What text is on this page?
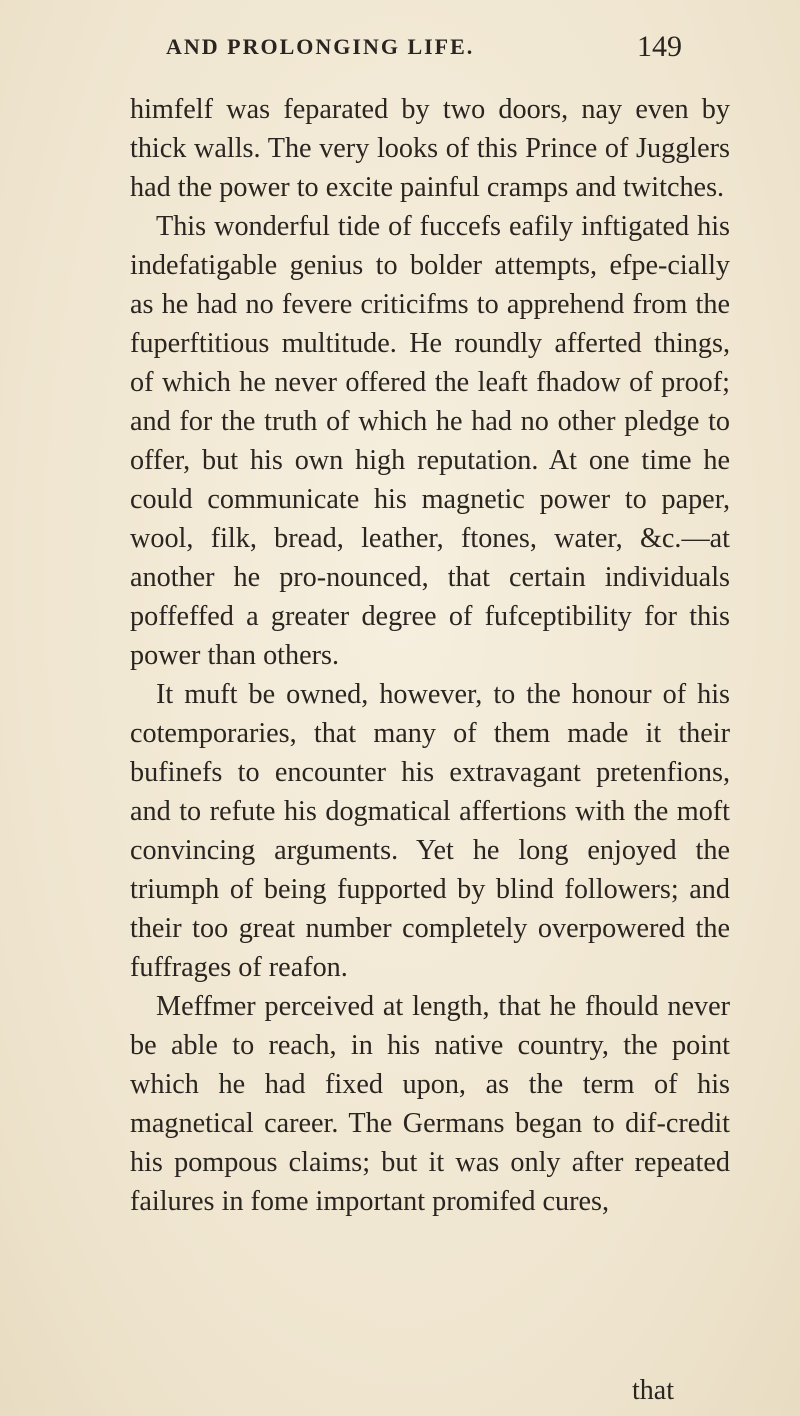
AND PROLONGING LIFE.	149

himfelf was feparated by two doors, nay even by thick walls. The very looks of this Prince of Jugglers had the power to excite painful cramps and twitches.

This wonderful tide of fuccefs eafily inftigated his indefatigable genius to bolder attempts, efpe-cially as he had no fevere criticifms to apprehend from the fuperftitious multitude. He roundly afferted things, of which he never offered the leaft fhadow of proof; and for the truth of which he had no other pledge to offer, but his own high reputation. At one time he could communicate his magnetic power to paper, wool, filk, bread, leather, ftones, water, &c.—at another he pro-nounced, that certain individuals poffeffed a greater degree of fufceptibility for this power than others.

It muft be owned, however, to the honour of his cotemporaries, that many of them made it their bufinefs to encounter his extravagant pretenfions, and to refute his dogmatical affertions with the moft convincing arguments. Yet he long enjoyed the triumph of being fupported by blind followers; and their too great number completely overpowered the fuffrages of reafon.

Meffmer perceived at length, that he fhould never be able to reach, in his native country, the point which he had fixed upon, as the term of his magnetical career. The Germans began to dif-credit his pompous claims; but it was only after repeated failures in fome important promifed cures,

that
